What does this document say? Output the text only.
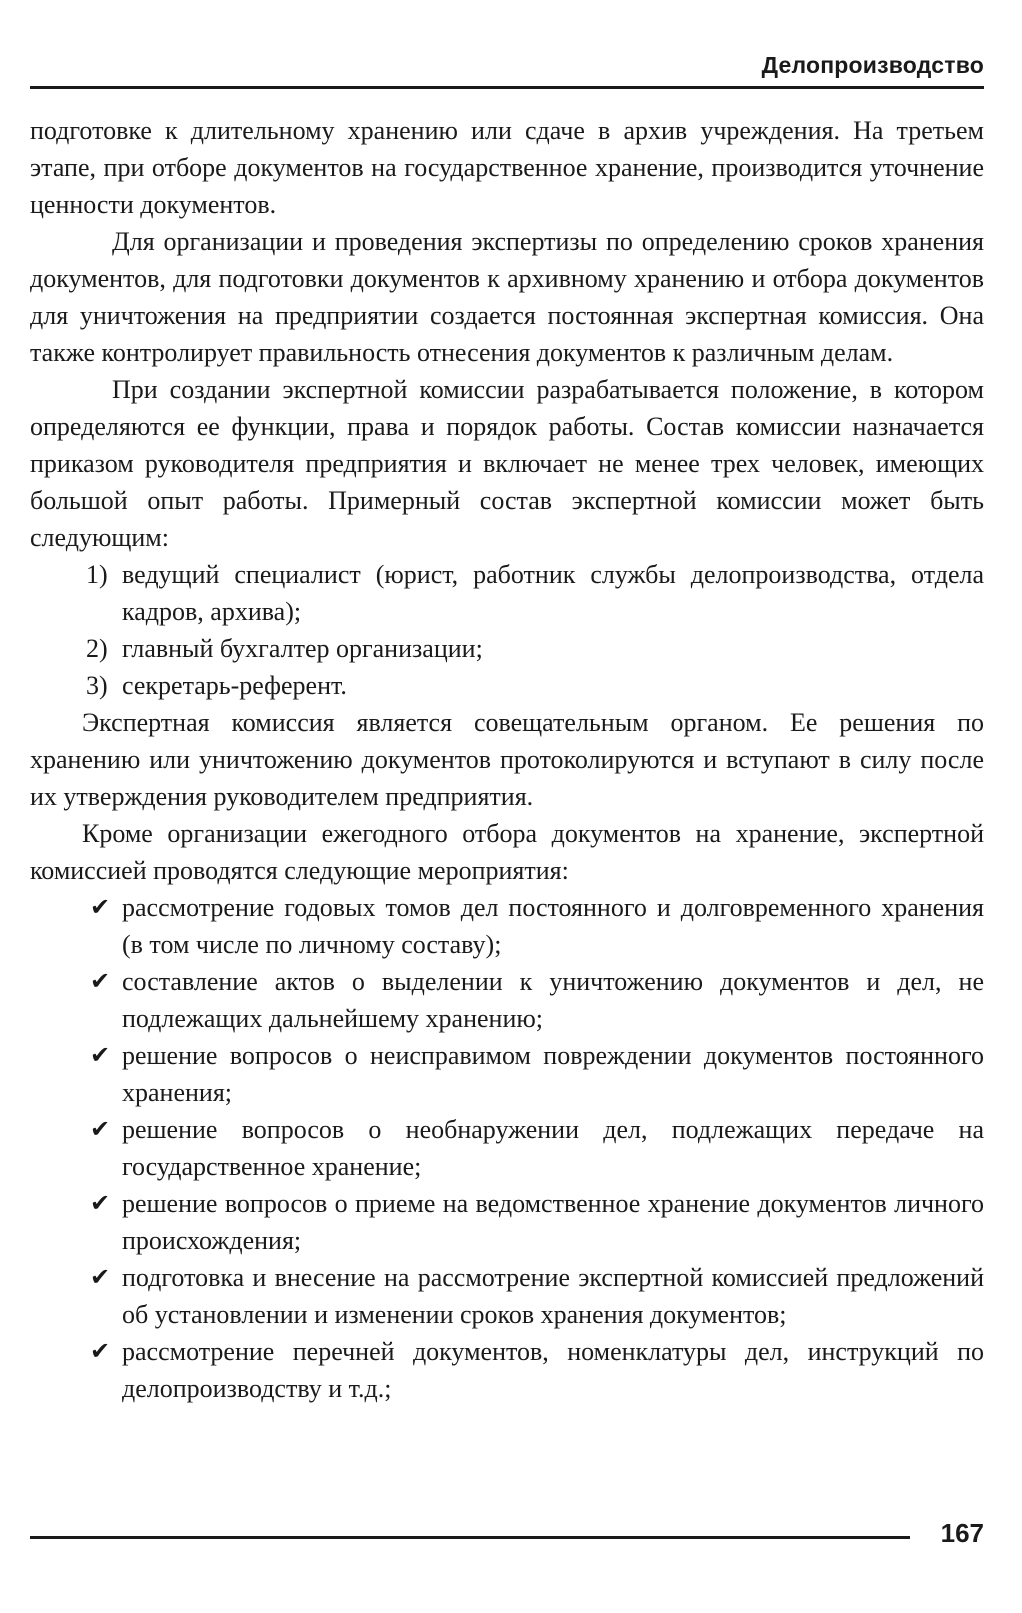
Делопроизводство

подготовке к длительному хранению или сдаче в архив учреждения. На третьем этапе, при отборе документов на государственное хранение, производится уточнение ценности документов.

Для организации и проведения экспертизы по определению сроков хранения документов, для подготовки документов к архивному хранению и отбора документов для уничтожения на предприятии создается постоянная экспертная комиссия. Она также контролирует правильность отнесения документов к различным делам.

При создании экспертной комиссии разрабатывается положение, в котором определяются ее функции, права и порядок работы. Состав комиссии назначается приказом руководителя предприятия и включает не менее трех человек, имеющих большой опыт работы. Примерный состав экспертной комиссии может быть следующим:

1) ведущий специалист (юрист, работник службы делопроизводства, отдела кадров, архива);
2) главный бухгалтер организации;
3) секретарь-референт.

Экспертная комиссия является совещательным органом. Ее решения по хранению или уничтожению документов протоколируются и вступают в силу после их утверждения руководителем предприятия.

Кроме организации ежегодного отбора документов на хранение, экспертной комиссией проводятся следующие мероприятия:

✔ рассмотрение годовых томов дел постоянного и долговременного хранения (в том числе по личному составу);
✔ составление актов о выделении к уничтожению документов и дел, не подлежащих дальнейшему хранению;
✔ решение вопросов о неисправимом повреждении документов постоянного хранения;
✔ решение вопросов о необнаружении дел, подлежащих передаче на государственное хранение;
✔ решение вопросов о приеме на ведомственное хранение документов личного происхождения;
✔ подготовка и внесение на рассмотрение экспертной комиссией предложений об установлении и изменении сроков хранения документов;
✔ рассмотрение перечней документов, номенклатуры дел, инструкций по делопроизводству и т.д.;
167
